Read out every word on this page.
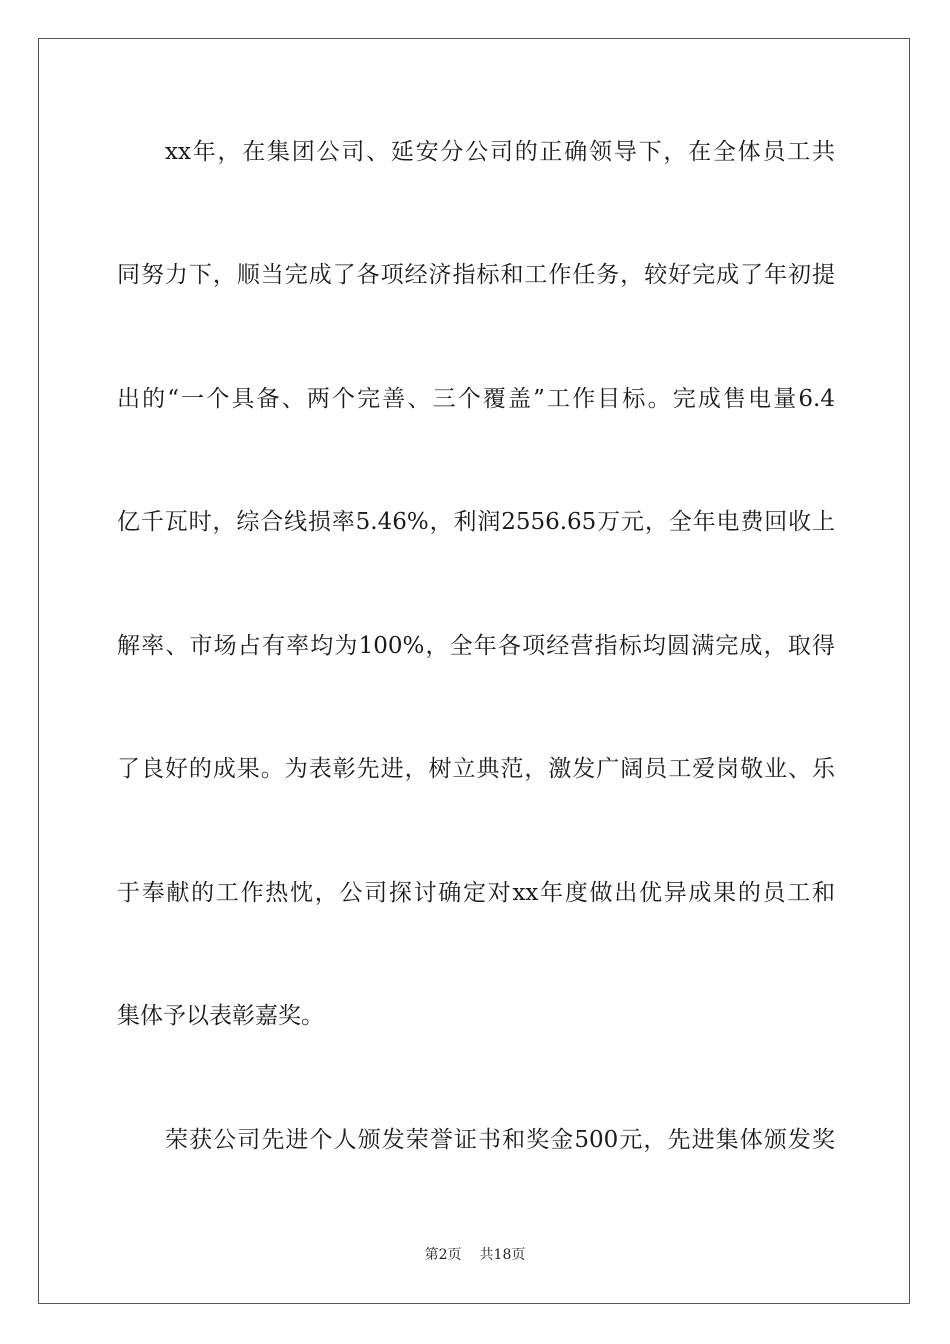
xx年，在集团公司、延安分公司的正确领导下，在全体员工共
同努力下，顺当完成了各项经济指标和工作任务，较好完成了年初提
出的“一个具备、两个完善、三个覆盖”工作目标。完成售电量6.4
亿千瓦时，综合线损率5.46%，利润2556.65万元，全年电费回收上
解率、市场占有率均为100%，全年各项经营指标均圆满完成，取得
了良好的成果。为表彰先进，树立典范，激发广阔员工爱岗敬业、乐
于奉献的工作热忱，公司探讨确定对xx年度做出优异成果的员工和
集体予以表彰嘉奖。
荣获公司先进个人颁发荣誉证书和奖金500元，先进集体颁发奖
第2页 共18页
